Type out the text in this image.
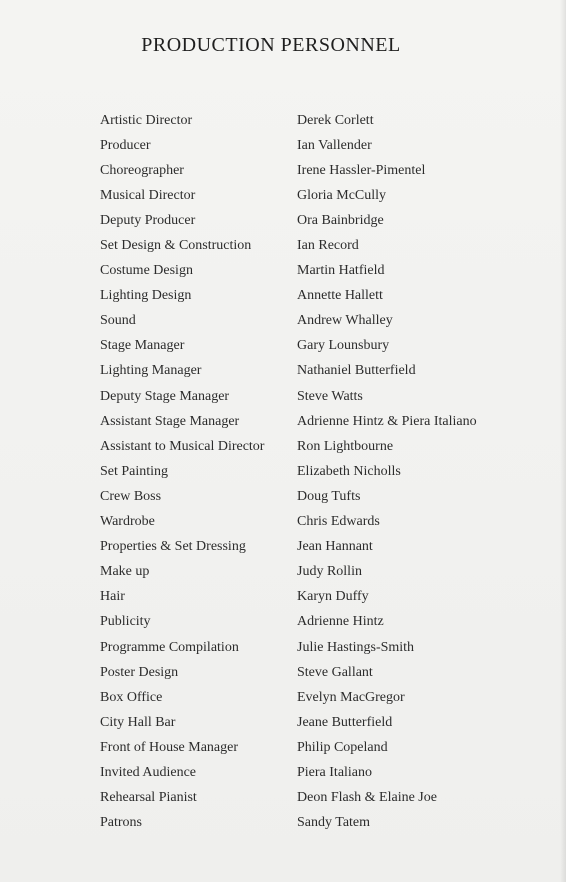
PRODUCTION PERSONNEL
Artistic Director	Derek Corlett
Producer	Ian Vallender
Choreographer	Irene Hassler-Pimentel
Musical Director	Gloria McCully
Deputy Producer	Ora Bainbridge
Set Design & Construction	Ian Record
Costume Design	Martin Hatfield
Lighting Design	Annette Hallett
Sound	Andrew Whalley
Stage Manager	Gary Lounsbury
Lighting Manager	Nathaniel Butterfield
Deputy Stage Manager	Steve Watts
Assistant Stage Manager	Adrienne Hintz & Piera Italiano
Assistant to Musical Director	Ron Lightbourne
Set Painting	Elizabeth Nicholls
Crew Boss	Doug Tufts
Wardrobe	Chris Edwards
Properties & Set Dressing	Jean Hannant
Make up	Judy Rollin
Hair	Karyn Duffy
Publicity	Adrienne Hintz
Programme Compilation	Julie Hastings-Smith
Poster Design	Steve Gallant
Box Office	Evelyn MacGregor
City Hall Bar	Jeane Butterfield
Front of House Manager	Philip Copeland
Invited Audience	Piera Italiano
Rehearsal Pianist	Deon Flash & Elaine Joe
Patrons	Sandy Tatem
